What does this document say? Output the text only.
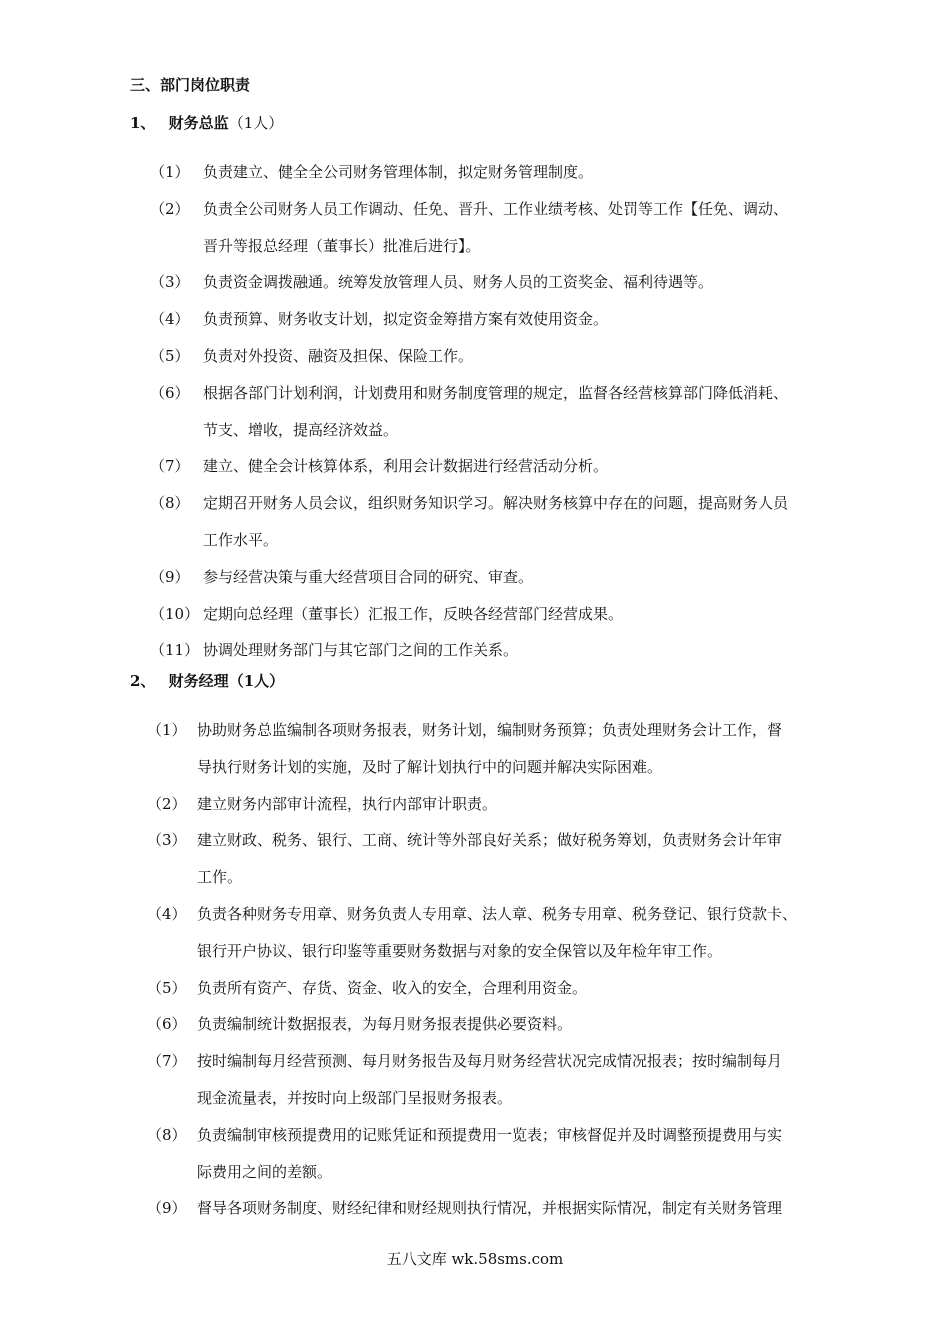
三、部门岗位职责
1、 财务总监（1人）
（1） 负责建立、健全全公司财务管理体制，拟定财务管理制度。
（2） 负责全公司财务人员工作调动、任免、晋升、工作业绩考核、处罚等工作【任免、调动、
晋升等报总经理（董事长）批准后进行】。
（3） 负责资金调拨融通。统筹发放管理人员、财务人员的工资奖金、福利待遇等。
（4） 负责预算、财务收支计划，拟定资金筹措方案有效使用资金。
（5） 负责对外投资、融资及担保、保险工作。
（6） 根据各部门计划利润，计划费用和财务制度管理的规定，监督各经营核算部门降低消耗、
节支、增收，提高经济效益。
（7） 建立、健全会计核算体系，利用会计数据进行经营活动分析。
（8） 定期召开财务人员会议，组织财务知识学习。解决财务核算中存在的问题，提高财务人员
工作水平。
（9） 参与经营决策与重大经营项目合同的研究、审查。
（10） 定期向总经理（董事长）汇报工作，反映各经营部门经营成果。
（11） 协调处理财务部门与其它部门之间的工作关系。
2、 财务经理（1人）
（1） 协助财务总监编制各项财务报表，财务计划，编制财务预算；负责处理财务会计工作，督
导执行财务计划的实施，及时了解计划执行中的问题并解决实际困难。
（2） 建立财务内部审计流程，执行内部审计职责。
（3） 建立财政、税务、银行、工商、统计等外部良好关系；做好税务筹划，负责财务会计年审
工作。
（4） 负责各种财务专用章、财务负责人专用章、法人章、税务专用章、税务登记、银行贷款卡、
银行开户协议、银行印鉴等重要财务数据与对象的安全保管以及年检年审工作。
（5） 负责所有资产、存货、资金、收入的安全，合理利用资金。
（6） 负责编制统计数据报表，为每月财务报表提供必要资料。
（7） 按时编制每月经营预测、每月财务报告及每月财务经营状况完成情况报表；按时编制每月
现金流量表，并按时向上级部门呈报财务报表。
（8） 负责编制审核预提费用的记账凭证和预提费用一览表；审核督促并及时调整预提费用与实
际费用之间的差额。
（9） 督导各项财务制度、财经纪律和财经规则执行情况，并根据实际情况，制定有关财务管理
五八文库 wk.58sms.com
